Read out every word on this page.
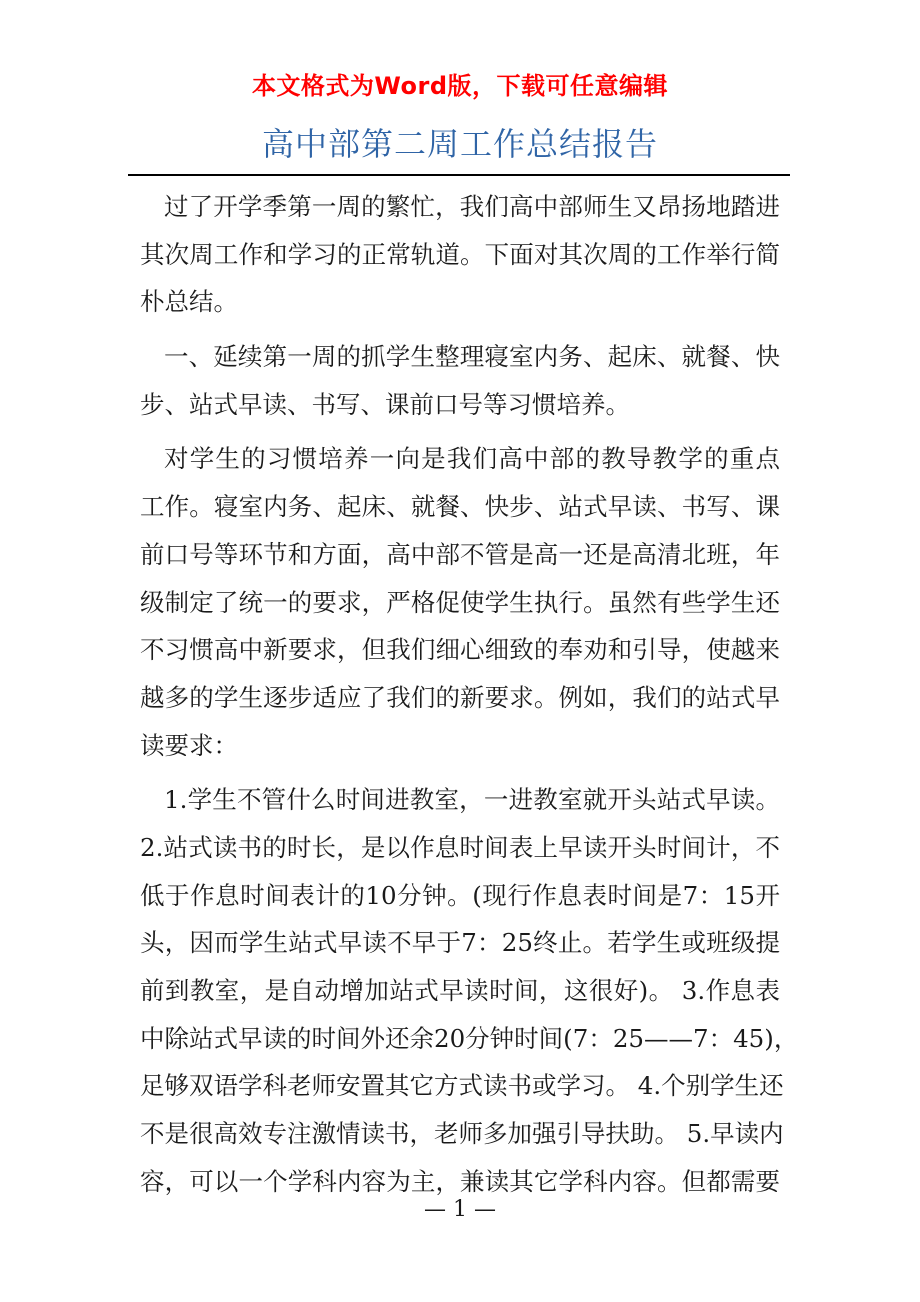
本文格式为Word版，下载可任意编辑
高中部第二周工作总结报告
过了开学季第一周的繁忙，我们高中部师生又昂扬地踏进
其次周工作和学习的正常轨道。下面对其次周的工作举行简
朴总结。
一、延续第一周的抓学生整理寝室内务、起床、就餐、快
步、站式早读、书写、课前口号等习惯培养。
对学生的习惯培养一向是我们高中部的教导教学的重点
工作。寝室内务、起床、就餐、快步、站式早读、书写、课
前口号等环节和方面，高中部不管是高一还是高清北班，年
级制定了统一的要求，严格促使学生执行。虽然有些学生还
不习惯高中新要求，但我们细心细致的奉劝和引导，使越来
越多的学生逐步适应了我们的新要求。例如，我们的站式早
读要求：
1.学生不管什么时间进教室，一进教室就开头站式早读。
2.站式读书的时长，是以作息时间表上早读开头时间计，不
低于作息时间表计的10分钟。(现行作息表时间是7：15开
头，因而学生站式早读不早于7：25终止。若学生或班级提
前到教室，是自动增加站式早读时间，这很好)。 3.作息表
中除站式早读的时间外还余20分钟时间(7：25——7：45)，
足够双语学科老师安置其它方式读书或学习。 4.个别学生还
不是很高效专注激情读书，老师多加强引导扶助。 5.早读内
容，可以一个学科内容为主，兼读其它学科内容。但都需要
— 1 —
